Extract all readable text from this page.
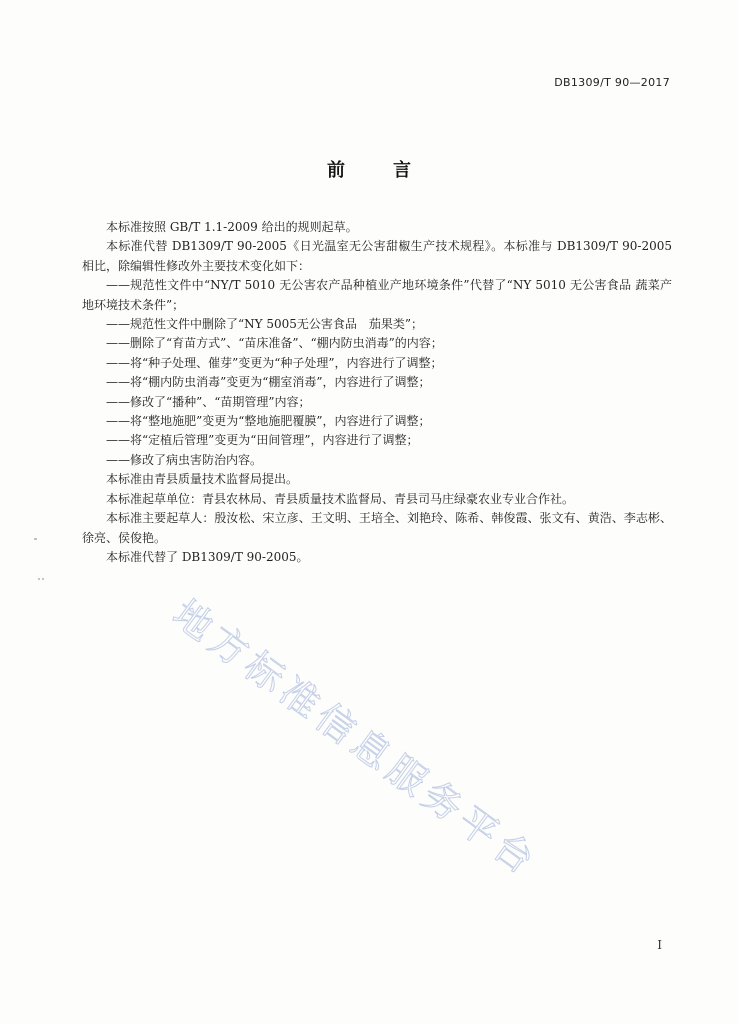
DB1309/T 90—2017
前言

本标准按照 GB/T 1.1-2009 给出的规则起草。

本标准代替 DB1309/T 90-2005《日光温室无公害甜椒生产技术规程》。本标准与 DB1309/T 90-2005 相比，除编辑性修改外主要技术变化如下：

——规范性文件中“NY/T 5010 无公害农产品种植业产地环境条件”代替了“NY 5010 无公害食品 蔬菜产地环境技术条件”；

——规范性文件中删除了“NY 5005无公害食品　茄果类”；

——删除了“育苗方式”、“苗床准备”、“棚内防虫消毒”的内容；

——将“种子处理、催芽”变更为“种子处理”，内容进行了调整；

——将“棚内防虫消毒”变更为“棚室消毒”，内容进行了调整；

——修改了“播种”、“苗期管理”内容；

——将“整地施肥”变更为“整地施肥覆膜”，内容进行了调整；

——将“定植后管理”变更为“田间管理”，内容进行了调整；

——修改了病虫害防治内容。

本标准由青县质量技术监督局提出。

本标准起草单位：青县农林局、青县质量技术监督局、青县司马庄绿豪农业专业合作社。

本标准主要起草人：殷汝松、宋立彦、王文明、王培全、刘艳玲、陈希、韩俊霞、张文有、黄浩、李志彬、徐亮、侯俊艳。

本标准代替了 DB1309/T 90-2005。

地方标准信息服务平台
I
